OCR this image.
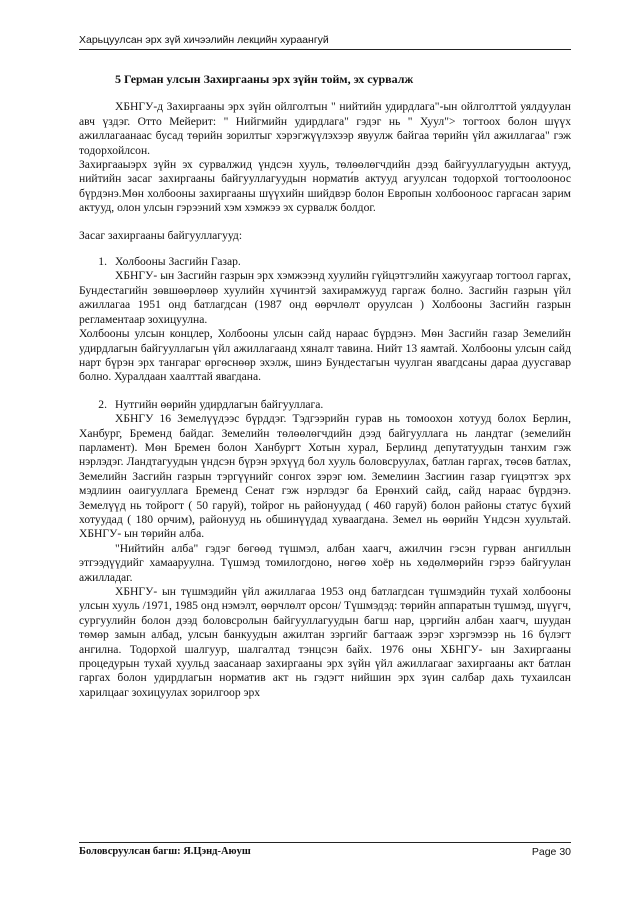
Харьцуулсан эрх зүй хичээлийн лекцийн хураангуй

5 Герман улсын Захиргааны эрх зүйн тойм, эх сурвалж

ХБНГУ-д Захиргааны эрх зүйн ойлголтын " нийтийн удирдлага"-ын ойлголттой уялдуулан авч үздэг. Отто Мейерит: " Нийгмийн удирдлага" гэдэг нь " Хуул"> тогтоох болон шүүх ажиллагаанаас бусад төрийн зорилтыг хэрэгжүүлэхээр явуулж байгаа төрийн үйл ажиллагаа" гэж тодорхойлсон.

Захиргааыэрх зүйн эх сурвалжид үндсэн хууль, төлөөлөгчдийн дээд байгууллагуудын актууд, нийтийн засаг захиргааны байгууллагуудын нормати́в актууд агуулсан тодорхой тогтоолоонос бүрдэнэ.Мөн холбооны захиргааны шүүхийн шийдвэр болон Европын холбооноос гаргасан зарим актууд, олон улсын гэрээний хэм хэмжээ эх сурвалж болдог.

Засаг захиргааны байгууллагууд:

1. Холбооны Засгийн Газар.

ХБНГУ- ын Засгийн газрын эрх хэмжээнд хуулийн гүйцэтгэлийн хажуугаар тогтоол гаргах, Бундестагийн зөвшөөрлөөр хуулийн хүчинтэй захирамжууд гаргаж болно. Засгийн газрын үйл ажиллагаа 1951 онд батлагдсан (1987 онд өөрчлөлт оруулсан ) Холбооны Засгийн газрын регламентаар зохицуулна.

Холбооны улсын концлер, Холбооны улсын сайд нараас бүрдэнэ. Мөн Засгийн газар Земелийн удирдлагын байгууллагын үйл ажиллагаанд хяналт тавина. Нийт 13 яамтай. Холбооны улсын сайд нарт бүрэн эрх тангараг өргөснөөр эхэлж, шинэ Бундестагын чуулган явагдсаны дараа дуусгавар болно. Хуралдаан хаалттай явагдана.

2. Нутгийн өөрийн удирдлагын байгууллага.

ХБНГУ 16 Земелүүдээс бүрддэг. Тэдгээрийн гурав нь томоохон хотууд болох Берлин, Ханбург, Бременд байдаг. Земелийн төлөөлөгчдийн дээд байгууллага нь ландтаг (земелийн парламент). Мөн Бремен болон Ханбургт Хотын хурал, Берлинд депутатуудын танхим гэж нэрлэдэг. Ландтагуудын үндсэн бүрэн эрхүүд бол хууль боловсруулах, батлан гаргах, төсөв батлах, Земелийн Засгийн газрын тэргүүнийг сонгох зэрэг юм. Земелиин Засгиин газар гүицэтгэх эрх мэдлиин оаигууллага Бременд Сенат гэж нэрлэдэг ба Ерөнхий сайд, сайд нараас бүрдэнэ. Земелүүд нь тойрогт ( 50 гаруй), тойрог нь районуудад ( 460 гаруй) болон районы статус бүхий хотуудад ( 180 орчим), районууд нь обшинүүдад хуваагдана. Земел нь өөрийн Үндсэн хуультай. ХБНГУ- ын төрийн алба.

"Нийтийн алба" гэдэг бөгөөд түшмэл, албан хаагч, ажилчин гэсэн гурван ангиллын этгээдүүдийг хамааруулна. Түшмэд томилогдоно, нөгөө хоёр нь хөдөлмөрийн гэрээ байгуулан ажилладаг.

ХБНГУ- ын түшмэдийн үйл ажиллагаа 1953 онд батлагдсан түшмэдийн тухай холбооны улсын хууль /1971, 1985 онд нэмэлт, өөрчлөлт орсон/ Түшмэдэд: төрийн аппаратын түшмэд, шүүгч, сургуулийн болон дээд боловсролын байгууллагуудын багш нар, цэргийн албан хаагч, шуудан төмөр замын албад, улсын банкуудын ажилтан зэргийг багтааж зэрэг хэргэмээр нь 16 бүлэгт ангилна. Тодорхой шалгуур, шалгалтад тэнцсэн байх. 1976 оны ХБНГУ- ын Захиргааны процедурын тухай хуульд заасанаар захиргааны эрх зүйн үйл ажиллагааг захиргааны акт батлан гаргах болон удирдлагын норматив акт нь гэдэгт нийшин эрх зүин салбар дахь тухаилсан харилцааг зохицуулах зорилгоор эрх

Боловсруулсан багш: Я.Цэнд-Аюуш	Page 30
